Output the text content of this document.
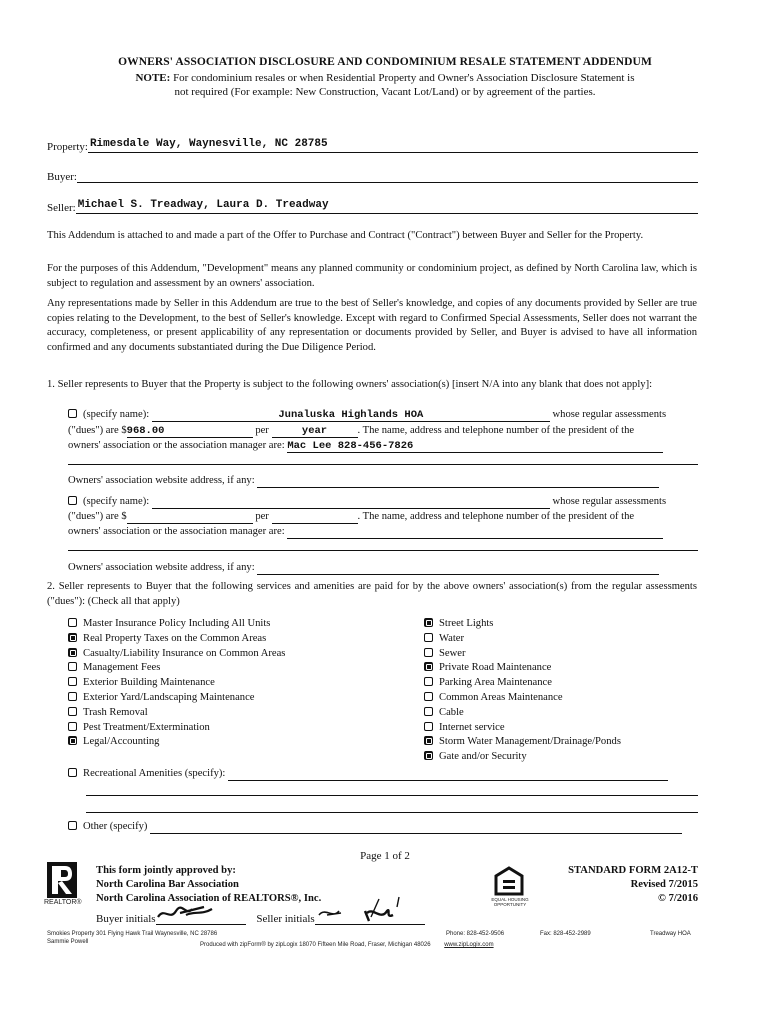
OWNERS' ASSOCIATION DISCLOSURE AND CONDOMINIUM RESALE STATEMENT ADDENDUM
NOTE: For condominium resales or when Residential Property and Owner's Association Disclosure Statement is
not required (For example: New Construction, Vacant Lot/Land) or by agreement of the parties.
Property: Rimesdale Way, Waynesville, NC 28785
Buyer:
Seller: Michael S. Treadway, Laura D. Treadway
This Addendum is attached to and made a part of the Offer to Purchase and Contract ("Contract") between Buyer and Seller for the Property.
For the purposes of this Addendum, "Development" means any planned community or condominium project, as defined by North Carolina law, which is subject to regulation and assessment by an owners' association.
Any representations made by Seller in this Addendum are true to the best of Seller's knowledge, and copies of any documents provided by Seller are true copies relating to the Development, to the best of Seller's knowledge. Except with regard to Confirmed Special Assessments, Seller does not warrant the accuracy, completeness, or present applicability of any representation or documents provided by Seller, and Buyer is advised to have all information confirmed and any documents substantiated during the Due Diligence Period.
1. Seller represents to Buyer that the Property is subject to the following owners' association(s) [insert N/A into any blank that does not apply]:
(specify name):	Junaluska Highlands HOA	whose regular assessments
("dues") are $968.00	per	year	. The name, address and telephone number of the president of the
owners' association or the association manager are: Mac Lee 828-456-7826
Owners' association website address, if any:
(specify name):	whose regular assessments
("dues") are $	per	. The name, address and telephone number of the president of the
owners' association or the association manager are:
Owners' association website address, if any:
2. Seller represents to Buyer that the following services and amenities are paid for by the above owners' association(s) from the regular assessments ("dues"): (Check all that apply)
Master Insurance Policy Including All Units
Real Property Taxes on the Common Areas
Casualty/Liability Insurance on Common Areas
Management Fees
Exterior Building Maintenance
Exterior Yard/Landscaping Maintenance
Trash Removal
Pest Treatment/Extermination
Legal/Accounting
Street Lights
Water
Sewer
Private Road Maintenance
Parking Area Maintenance
Common Areas Maintenance
Cable
Internet service
Storm Water Management/Drainage/Ponds
Gate and/or Security
Recreational Amenities (specify):
Other (specify)
Page 1 of 2
REALTOR®
This form jointly approved by:
North Carolina Bar Association
North Carolina Association of REALTORS®, Inc.	EQUAL HOUSING OPPORTUNITY
STANDARD FORM 2A12-T
Revised 7/2015
© 7/2016
Buyer initials	Seller initials
Smokies Property 301 Flying Hawk Trail Waynesville, NC 28786
Sammie Powell
Phone: 828-452-9506	Fax: 828-452-2989	Treadway HOA
Produced with zipForm® by zipLogix 18070 Fifteen Mile Road, Fraser, Michigan 48026 www.zipLogix.com
